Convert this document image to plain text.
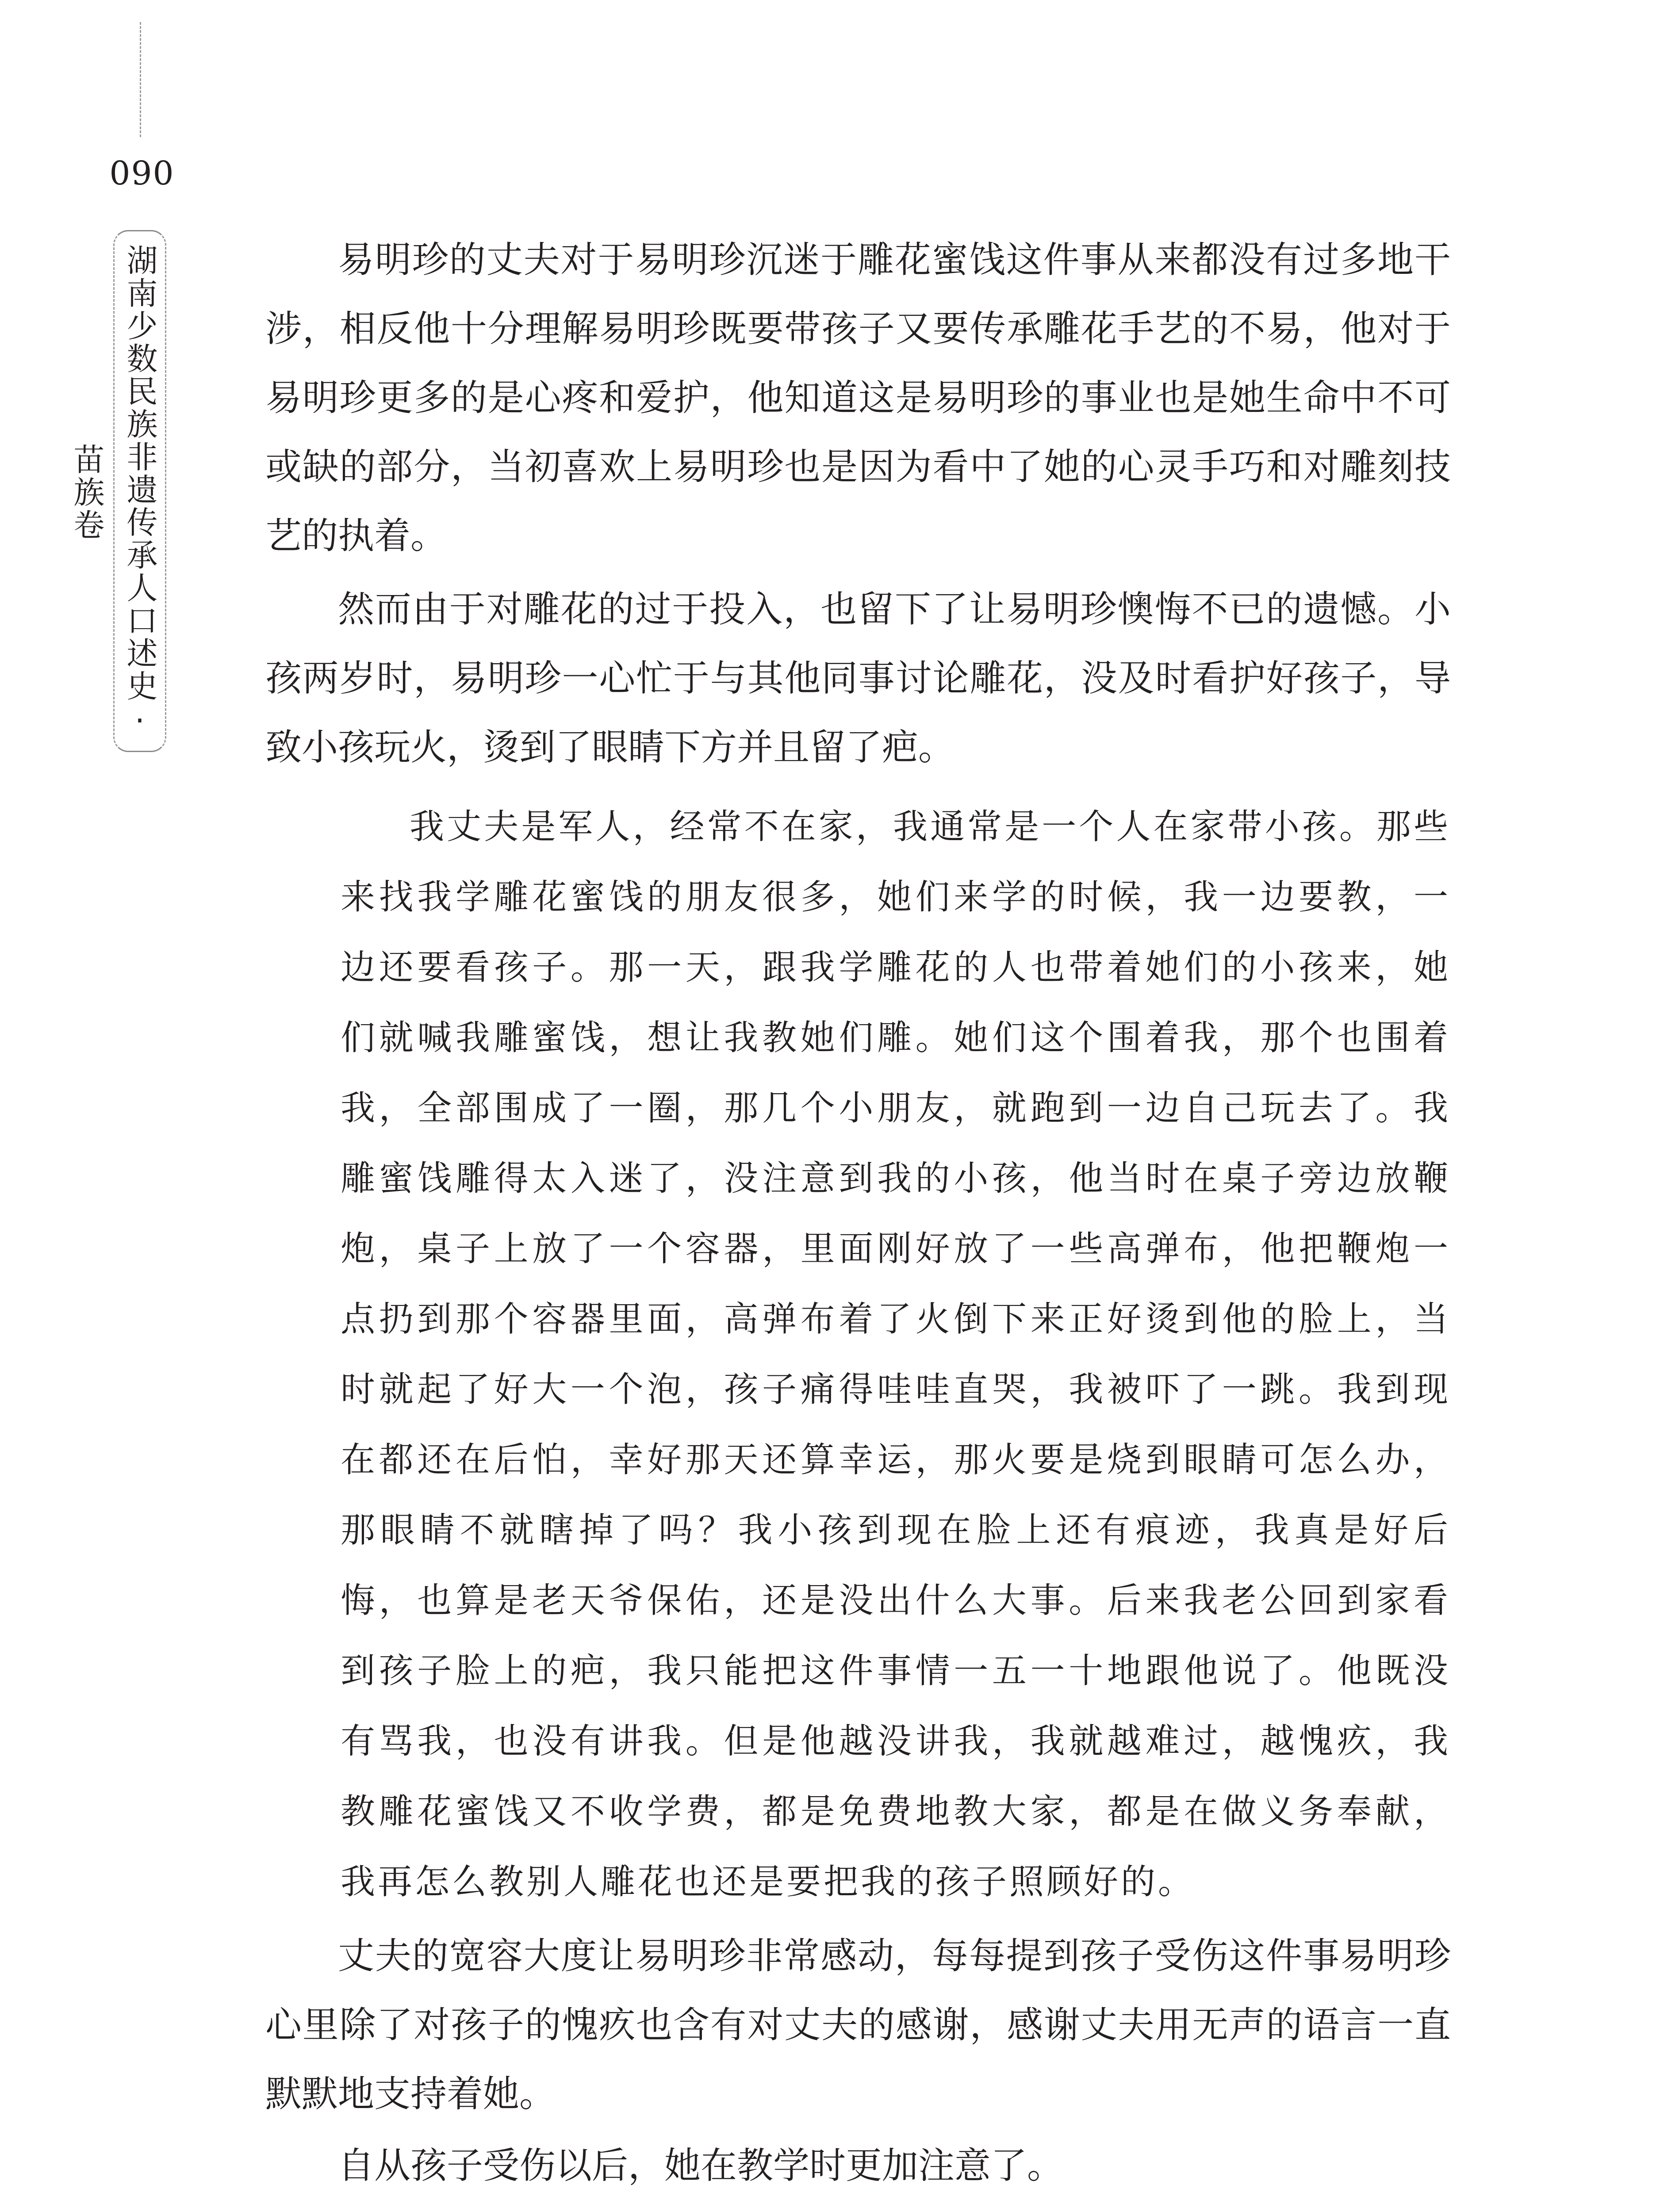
090
湖南少数民族非遗传承人口述史·苗族卷

易明珍的丈夫对于易明珍沉迷于雕花蜜饯这件事从来都没有过多地干涉，相反他十分理解易明珍既要带孩子又要传承雕花手艺的不易，他对于易明珍更多的是心疼和爱护，他知道这是易明珍的事业也是她生命中不可或缺的部分，当初喜欢上易明珍也是因为看中了她的心灵手巧和对雕刻技艺的执着。

然而由于对雕花的过于投入，也留下了让易明珍懊悔不已的遗憾。小孩两岁时，易明珍一心忙于与其他同事讨论雕花，没及时看护好孩子，导致小孩玩火，烫到了眼睛下方并且留了疤。

我丈夫是军人，经常不在家，我通常是一个人在家带小孩。那些来找我学雕花蜜饯的朋友很多，她们来学的时候，我一边要教，一边还要看孩子。那一天，跟我学雕花的人也带着她们的小孩来，她们就喊我雕蜜饯，想让我教她们雕。她们这个围着我，那个也围着我，全部围成了一圈，那几个小朋友，就跑到一边自己玩去了。我雕蜜饯雕得太入迷了，没注意到我的小孩，他当时在桌子旁边放鞭炮，桌子上放了一个容器，里面刚好放了一些高弹布，他把鞭炮一点扔到那个容器里面，高弹布着了火倒下来正好烫到他的脸上，当时就起了好大一个泡，孩子痛得哇哇直哭，我被吓了一跳。我到现在都还在后怕，幸好那天还算幸运，那火要是烧到眼睛可怎么办，那眼睛不就瞎掉了吗？我小孩到现在脸上还有痕迹，我真是好后悔，也算是老天爷保佑，还是没出什么大事。后来我老公回到家看到孩子脸上的疤，我只能把这件事情一五一十地跟他说了。他既没有骂我，也没有讲我。但是他越没讲我，我就越难过，越愧疚，我教雕花蜜饯又不收学费，都是免费地教大家，都是在做义务奉献，我再怎么教别人雕花也还是要把我的孩子照顾好的。

丈夫的宽容大度让易明珍非常感动，每每提到孩子受伤这件事易明珍心里除了对孩子的愧疚也含有对丈夫的感谢，感谢丈夫用无声的语言一直默默地支持着她。

自从孩子受伤以后，她在教学时更加注意了。
